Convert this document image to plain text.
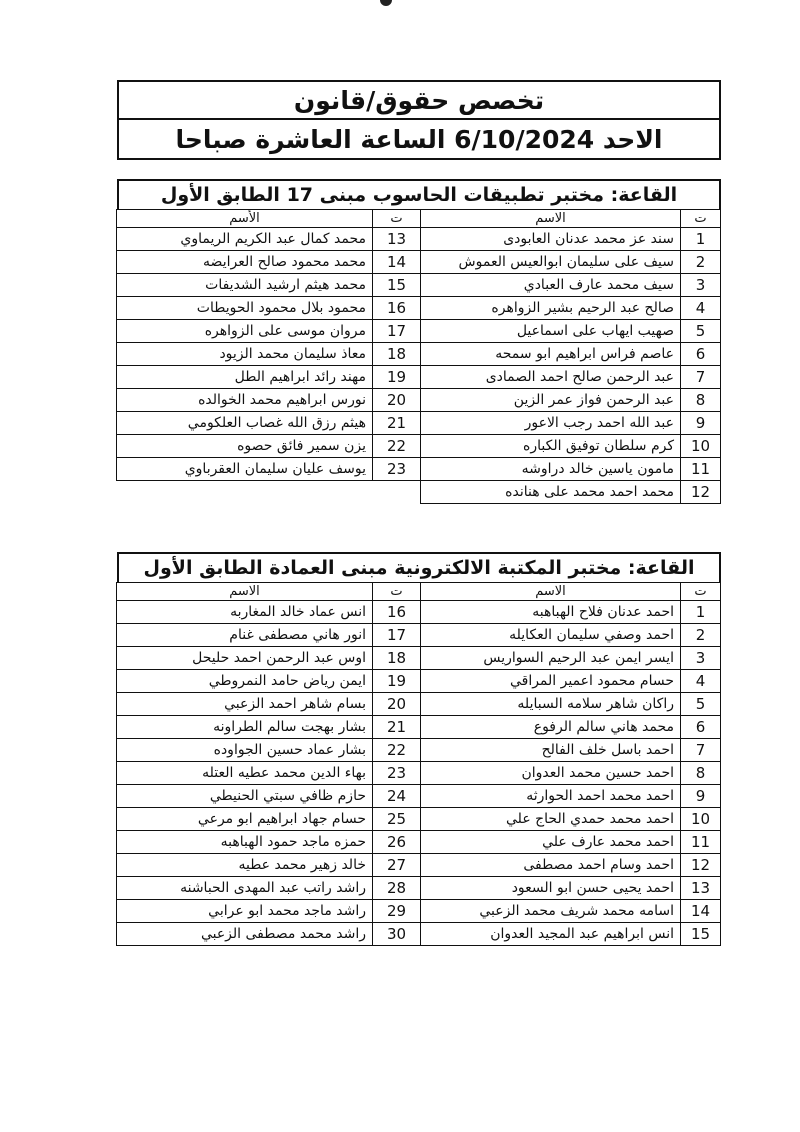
تخصص حقوق/قانون
الاحد 6/10/2024 الساعة العاشرة صباحا
القاعة: مختبر تطبيقات الحاسوب مبنى 17 الطابق الأول
ت	الاسم	ت	الأسم
1	سند عز محمد عدنان العابودى	13	محمد كمال عبد الكريم الريماوي
2	سيف على سليمان ابوالعيس العموش	14	محمد محمود صالح العرايضه
3	سيف محمد عارف العبادي	15	محمد هيثم ارشيد الشديفات
4	صالح عبد الرحيم بشير الزواهره	16	محمود بلال محمود الحويطات
5	صهيب ايهاب على اسماعيل	17	مروان موسى على الزواهره
6	عاصم فراس ابراهيم ابو سمحه	18	معاذ سليمان محمد الزيود
7	عبد الرحمن صالح احمد الصمادى	19	مهند رائد ابراهيم الطل
8	عبد الرحمن فواز عمر الزين	20	نورس ابراهيم محمد الخوالده
9	عبد الله احمد رجب الاعور	21	هيثم رزق الله غصاب العلكومي
10	كرم سلطان توفيق الكباره	22	يزن سمير فائق حصوه
11	مامون ياسين خالد دراوشه	23	يوسف عليان سليمان العقرباوي
12	محمد احمد محمد على هنانده		
القاعة: مختبر المكتبة الالكترونية مبنى العمادة الطابق الأول
ت	الاسم	ت	الاسم
1	احمد عدنان فلاح الهباهبه	16	انس عماد خالد المغاربه
2	احمد وصفي سليمان العكايله	17	انور هاني مصطفى غنام
3	ايسر ايمن عبد الرحيم السواريس	18	اوس عبد الرحمن احمد حليحل
4	حسام محمود اعمير المراقي	19	ايمن رياض حامد النمروطي
5	راكان شاهر سلامه السبايله	20	بسام شاهر احمد الزعبي
6	محمد هاني سالم الرفوع	21	بشار بهجت سالم الطراونه
7	احمد باسل خلف الفالح	22	بشار عماد حسين الجواوده
8	احمد حسين محمد العدوان	23	بهاء الدين محمد عطيه العتله
9	احمد محمد احمد الحوارثه	24	حازم ظافي سبتي الحنيطي
10	احمد محمد حمدي الحاج علي	25	حسام جهاد ابراهيم ابو مرعي
11	احمد محمد عارف علي	26	حمزه ماجد حمود الهباهبه
12	احمد وسام احمد مصطفى	27	خالد زهير محمد عطيه
13	احمد يحيى حسن ابو السعود	28	راشد راتب عبد المهدى الحباشنه
14	اسامه محمد شريف محمد الزعبي	29	راشد ماجد محمد ابو عرابي
15	انس ابراهيم عبد المجيد العدوان	30	راشد محمد مصطفى الزعبي
